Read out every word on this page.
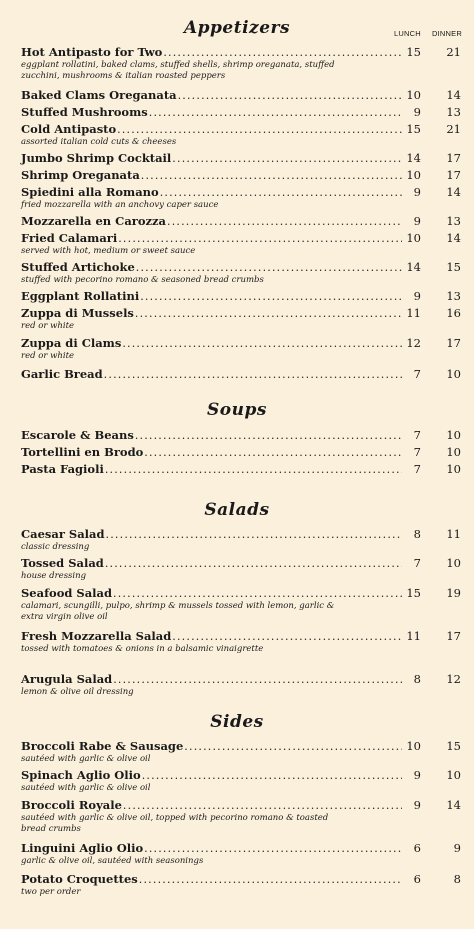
Appetizers	LUNCH DINNER
Soups
Salads
Sides
Hot Antipasto for Two .....	15	21
eggplant rollatini, baked clams, stuffed shells, shrimp oreganata, stuffed zucchini, mushrooms & italian roasted peppers
Baked Clams Oreganata .....	10	14
Stuffed Mushrooms .....	9	13
Cold Antipasto .....	15	21
assorted italian cold cuts & cheeses
Jumbo Shrimp Cocktail .....	14	17
Shrimp Oreganata .....	10	17
Spiedini alla Romano .....	9	14
fried mozzarella with an anchovy caper sauce
Mozzarella en Carozza .....	9	13
Fried Calamari .....	10	14
served with hot, medium or sweet sauce
Stuffed Artichoke .....	14	15
stuffed with pecorino romano & seasoned bread crumbs
Eggplant Rollatini .....	9	13
Zuppa di Mussels .....	11	16
red or white
Zuppa di Clams .....	12	17
red or white
Garlic Bread .....	7	10
Escarole & Beans .....	7	10
Tortellini en Brodo .....	7	10
Pasta Fagioli .....	7	10
Caesar Salad .....	8	11
classic dressing
Tossed Salad .....	7	10
house dressing
Seafood Salad .....	15	19
calamari, scungilli, pulpo, shrimp & mussels tossed with lemon, garlic & extra virgin olive oil
Fresh Mozzarella Salad .....	11	17
tossed with tomatoes & onions in a balsamic vinaigrette
Arugula Salad .....	8	12
lemon & olive oil dressing
Broccoli Rabe & Sausage .....	10	15
sautéed with garlic & olive oil
Spinach Aglio Olio .....	9	10
sautéed with garlic & olive oil
Broccoli Royale .....	9	14
sautéed with garlic & olive oil, topped with pecorino romano & toasted bread crumbs
Linguini Aglio Olio .....	6	9
garlic & olive oil, sautéed with seasonings
Potato Croquettes .....	6	8
two per order
